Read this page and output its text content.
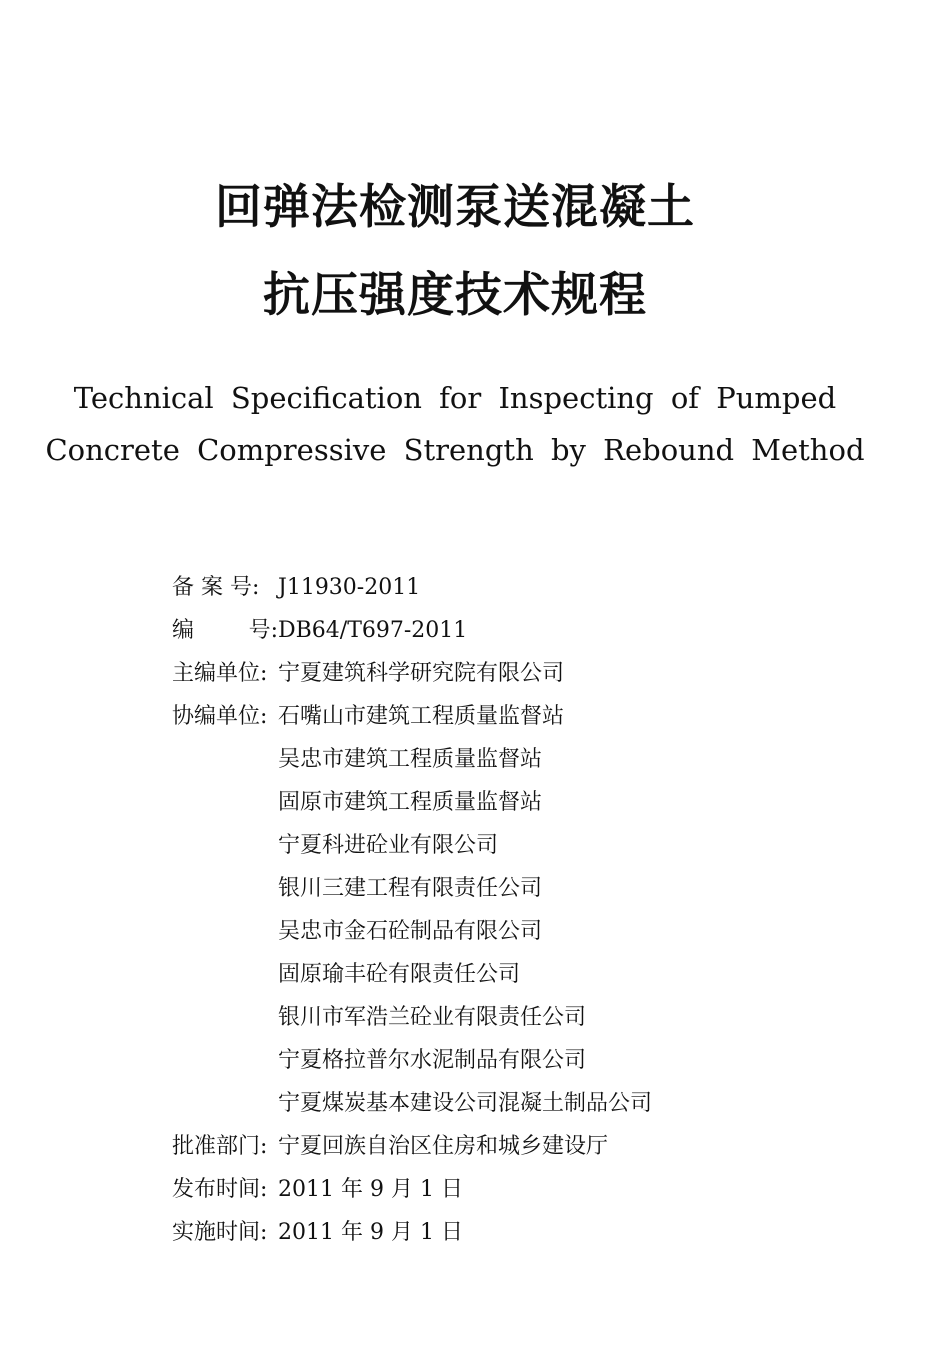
回弹法检测泵送混凝土
抗压强度技术规程
Technical Specification for Inspecting of Pumped
Concrete Compressive Strength by Rebound Method
备 案 号: J11930-2011
编 号: DB64/T697-2011
主编单位: 宁夏建筑科学研究院有限公司
协编单位: 石嘴山市建筑工程质量监督站
吴忠市建筑工程质量监督站
固原市建筑工程质量监督站
宁夏科进砼业有限公司
银川三建工程有限责任公司
吴忠市金石砼制品有限公司
固原瑜丰砼有限责任公司
银川市军浩兰砼业有限责任公司
宁夏格拉普尔水泥制品有限公司
宁夏煤炭基本建设公司混凝土制品公司
批准部门: 宁夏回族自治区住房和城乡建设厅
发布时间: 2011 年 9 月 1 日
实施时间: 2011 年 9 月 1 日
